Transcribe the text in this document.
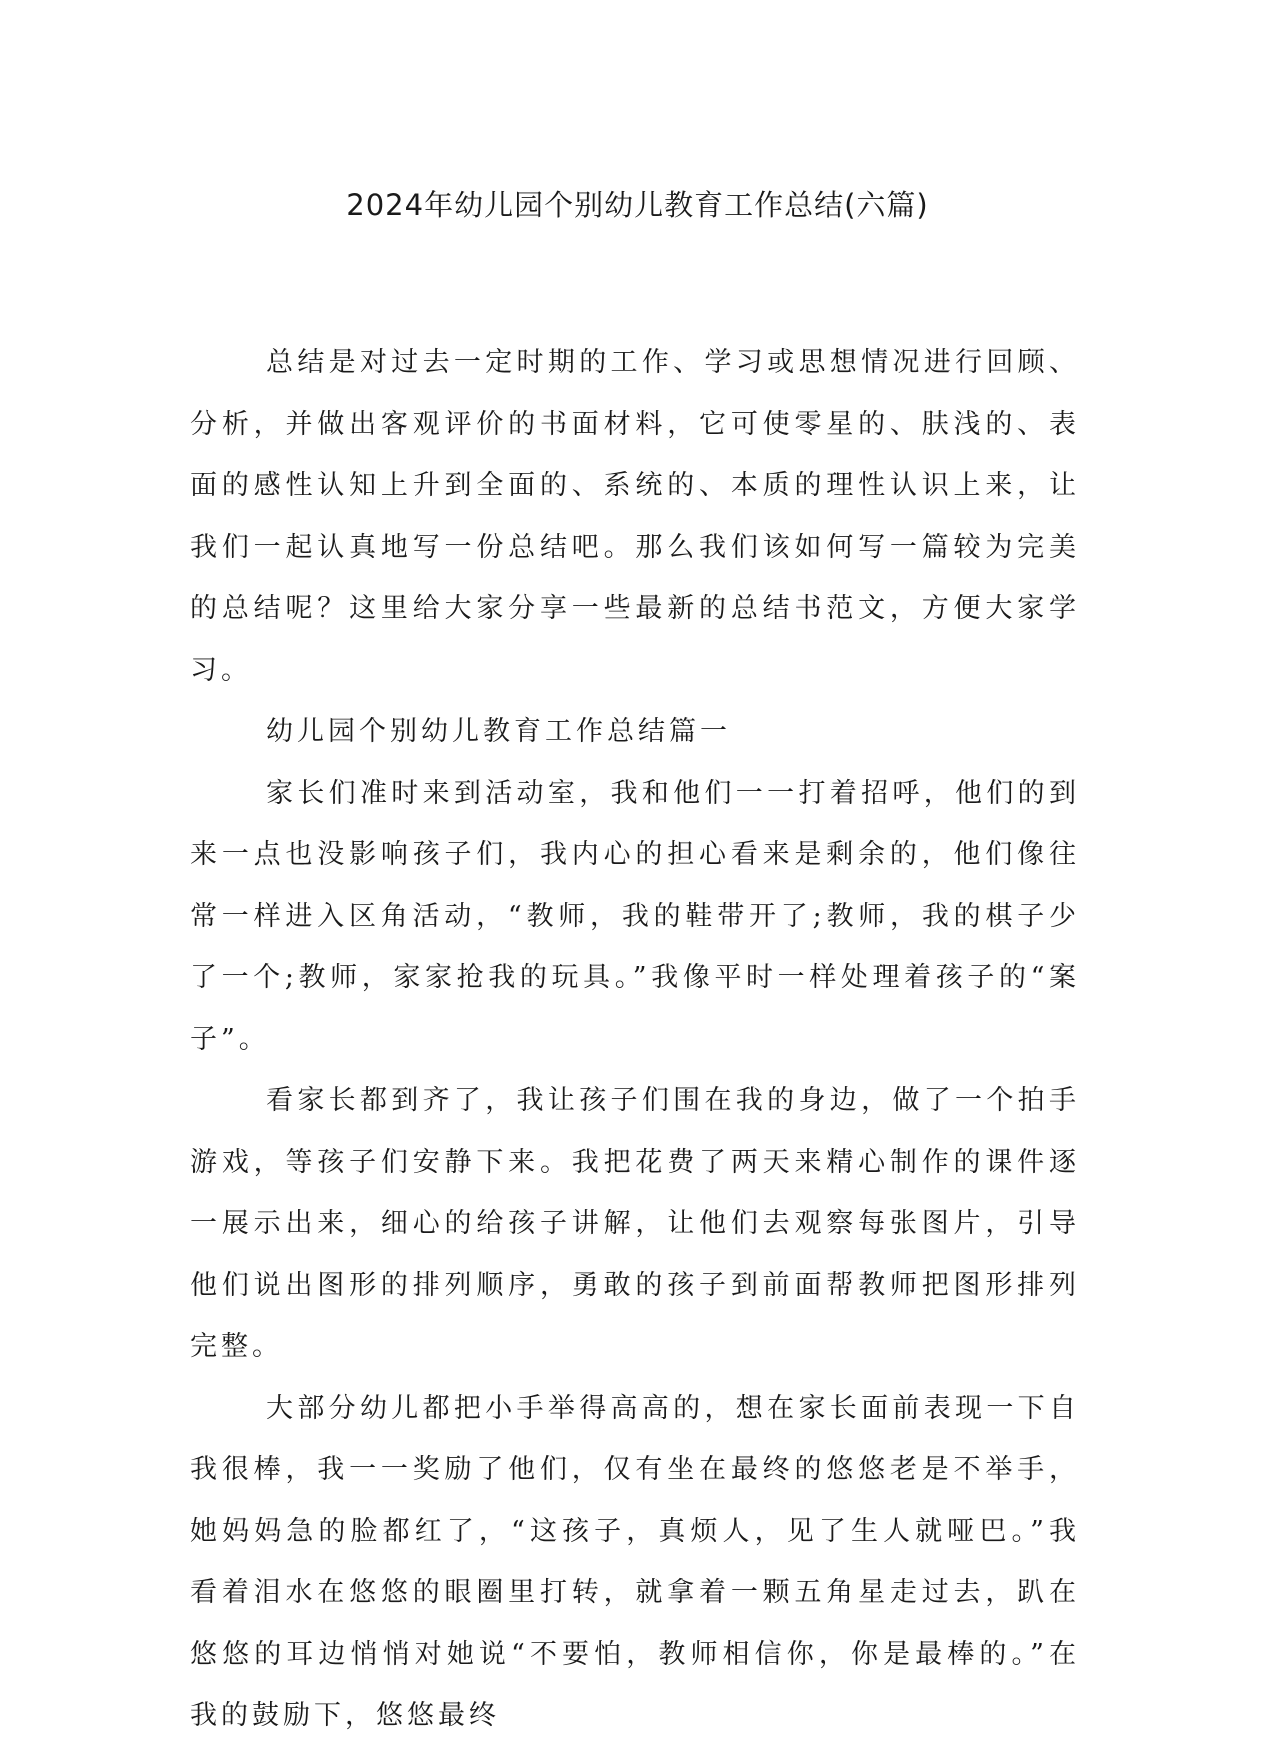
2024年幼儿园个别幼儿教育工作总结(六篇)

总结是对过去一定时期的工作、学习或思想情况进行回顾、分析，并做出客观评价的书面材料，它可使零星的、肤浅的、表面的感性认知上升到全面的、系统的、本质的理性认识上来，让我们一起认真地写一份总结吧。那么我们该如何写一篇较为完美的总结呢？这里给大家分享一些最新的总结书范文，方便大家学习。

幼儿园个别幼儿教育工作总结篇一

家长们准时来到活动室，我和他们一一打着招呼，他们的到来一点也没影响孩子们，我内心的担心看来是剩余的，他们像往常一样进入区角活动，“教师，我的鞋带开了;教师，我的棋子少了一个;教师，家家抢我的玩具。”我像平时一样处理着孩子的“案子”。

看家长都到齐了，我让孩子们围在我的身边，做了一个拍手游戏，等孩子们安静下来。我把花费了两天来精心制作的课件逐一展示出来，细心的给孩子讲解，让他们去观察每张图片，引导他们说出图形的排列顺序，勇敢的孩子到前面帮教师把图形排列完整。

大部分幼儿都把小手举得高高的，想在家长面前表现一下自我很棒，我一一奖励了他们，仅有坐在最终的悠悠老是不举手，她妈妈急的脸都红了，“这孩子，真烦人，见了生人就哑巴。”我看着泪水在悠悠的眼圈里打转，就拿着一颗五角星走过去，趴在悠悠的耳边悄悄对她说“不要怕，教师相信你，你是最棒的。”在我的鼓励下，悠悠最终
